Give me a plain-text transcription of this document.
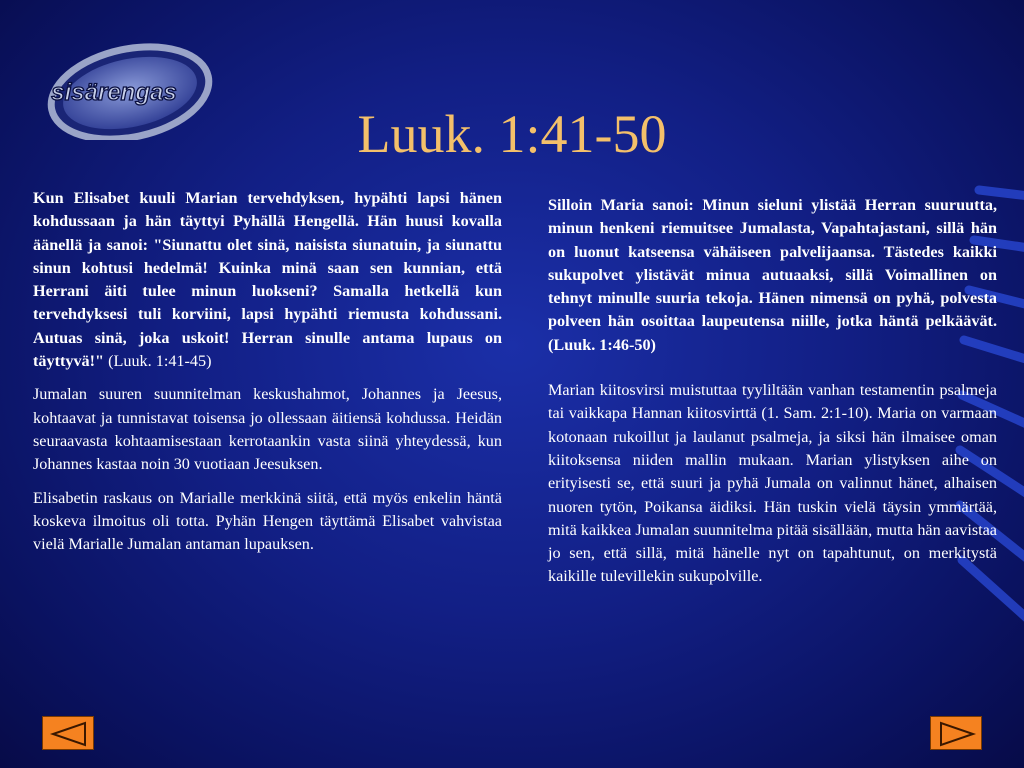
sisärengas
Luuk. 1:41-50

Kun Elisabet kuuli Marian tervehdyksen, hypähti lapsi hänen kohdussaan ja hän täyttyi Pyhällä Hengellä. Hän huusi kovalla äänellä ja sanoi: "Siunattu olet sinä, naisista siunatuin, ja siunattu sinun kohtusi hedelmä! Kuinka minä saan sen kunnian, että Herrani äiti tulee minun luokseni? Samalla hetkellä kun tervehdyksesi tuli korviini, lapsi hypähti riemusta kohdussani. Autuas sinä, joka uskoit! Herran sinulle antama lupaus on täyttyvä!" (Luuk. 1:41-45)

Jumalan suuren suunnitelman keskushahmot, Johannes ja Jeesus, kohtaavat ja tunnistavat toisensa jo ollessaan äitiensä kohdussa. Heidän seuraavasta kohtaamisestaan kerrotaankin vasta siinä yhteydessä, kun Johannes kastaa noin 30 vuotiaan Jeesuksen.

Elisabetin raskaus on Marialle merkkinä siitä, että myös enkelin häntä koskeva ilmoitus oli totta. Pyhän Hengen täyttämä Elisabet vahvistaa vielä Marialle Jumalan antaman lupauksen.

Silloin Maria sanoi: Minun sieluni ylistää Herran suuruutta, minun henkeni riemuitsee Jumalasta, Vapahtajastani, sillä hän on luonut katseensa vähäiseen palvelijaansa. Tästedes kaikki sukupolvet ylistävät minua autuaaksi, sillä Voimallinen on tehnyt minulle suuria tekoja. Hänen nimensä on pyhä, polvesta polveen hän osoittaa laupeutensa niille, jotka häntä pelkäävät. (Luuk. 1:46-50)

Marian kiitosvirsi muistuttaa tyyliltään vanhan testamentin psalmeja tai vaikkapa Hannan kiitosvirttä (1. Sam. 2:1-10). Maria on varmaan kotonaan rukoillut ja laulanut psalmeja, ja siksi hän ilmaisee oman kiitoksensa niiden mallin mukaan. Marian ylistyksen aihe on erityisesti se, että suuri ja pyhä Jumala on valinnut hänet, alhaisen nuoren tytön, Poikansa äidiksi. Hän tuskin vielä täysin ymmärtää, mitä kaikkea Jumalan suunnitelma pitää sisällään, mutta hän aavistaa jo sen, että sillä, mitä hänelle nyt on tapahtunut, on merkitystä kaikille tulevillekin sukupolville.
